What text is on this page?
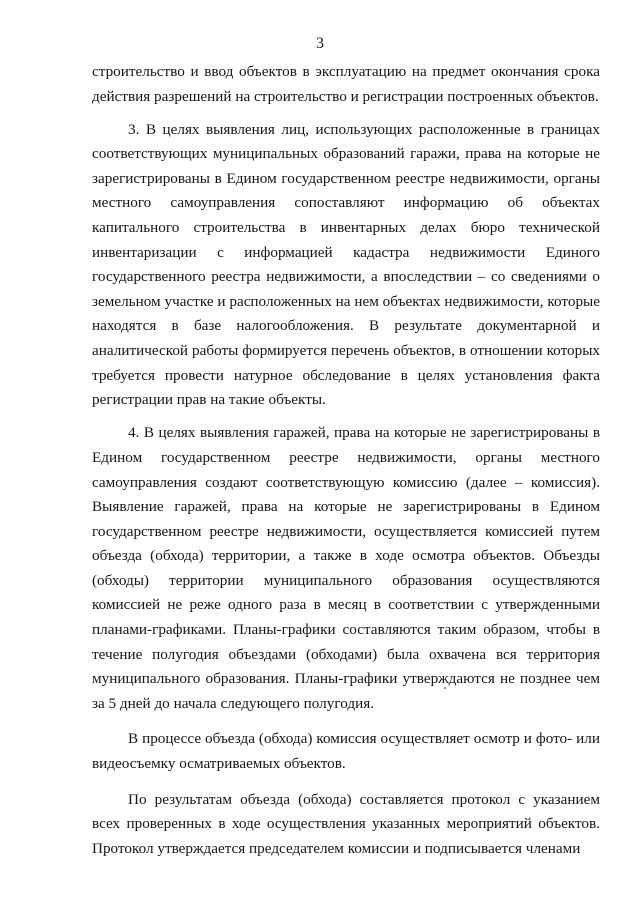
3

строительство и ввод объектов в эксплуатацию на предмет окончания срока действия разрешений на строительство и регистрации построенных объектов.

3. В целях выявления лиц, использующих расположенные в границах соответствующих муниципальных образований гаражи, права на которые не зарегистрированы в Едином государственном реестре недвижимости, органы местного самоуправления сопоставляют информацию об объектах капитального строительства в инвентарных делах бюро технической инвентаризации с информацией кадастра недвижимости Единого государственного реестра недвижимости, а впоследствии – со сведениями о земельном участке и расположенных на нем объектах недвижимости, которые находятся в базе налогообложения. В результате документарной и аналитической работы формируется перечень объектов, в отношении которых требуется провести натурное обследование в целях установления факта регистрации прав на такие объекты.

4. В целях выявления гаражей, права на которые не зарегистрированы в Едином государственном реестре недвижимости, органы местного самоуправления создают соответствующую комиссию (далее – комиссия). Выявление гаражей, права на которые не зарегистрированы в Едином государственном реестре недвижимости, осуществляется комиссией путем объезда (обхода) территории, а также в ходе осмотра объектов. Объезды (обходы) территории муниципального образования осуществляются комиссией не реже одного раза в месяц в соответствии с утвержденными планами-графиками. Планы-графики составляются таким образом, чтобы в течение полугодия объездами (обходами) была охвачена вся территория муниципального образования. Планы-графики утверждаются не позднее чем за 5 дней до начала следующего полугодия.

В процессе объезда (обхода) комиссия осуществляет осмотр и фото- или видеосъемку осматриваемых объектов.

По результатам объезда (обхода) составляется протокол с указанием всех проверенных в ходе осуществления указанных мероприятий объектов. Протокол утверждается председателем комиссии и подписывается членами
